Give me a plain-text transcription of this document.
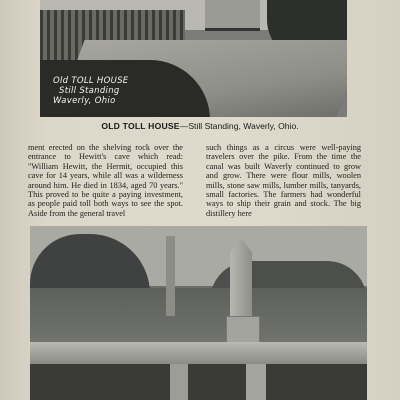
Old TOLL HOUSE
Still Standing
Waverly, Ohio
OLD TOLL HOUSE—Still Standing, Waverly, Ohio.

ment erected on the shelving rock over the entrance to Hewitt's cave which read: "William Hewitt, the Hermit, occupied this cave for 14 years, while all was a wilderness around him. He died in 1834, aged 70 years." This proved to be quite a paying investment, as people paid toll both ways to see the spot. Aside from the general travel

such things as a circus were well-paying travelers over the pike. From the time the canal was built Waverly continued to grow and grow. There were flour mills, woolen mills, stone saw mills, lumber mills, tanyards, small factories. The farmers had wonderful ways to ship their grain and stock. The big distillery here
